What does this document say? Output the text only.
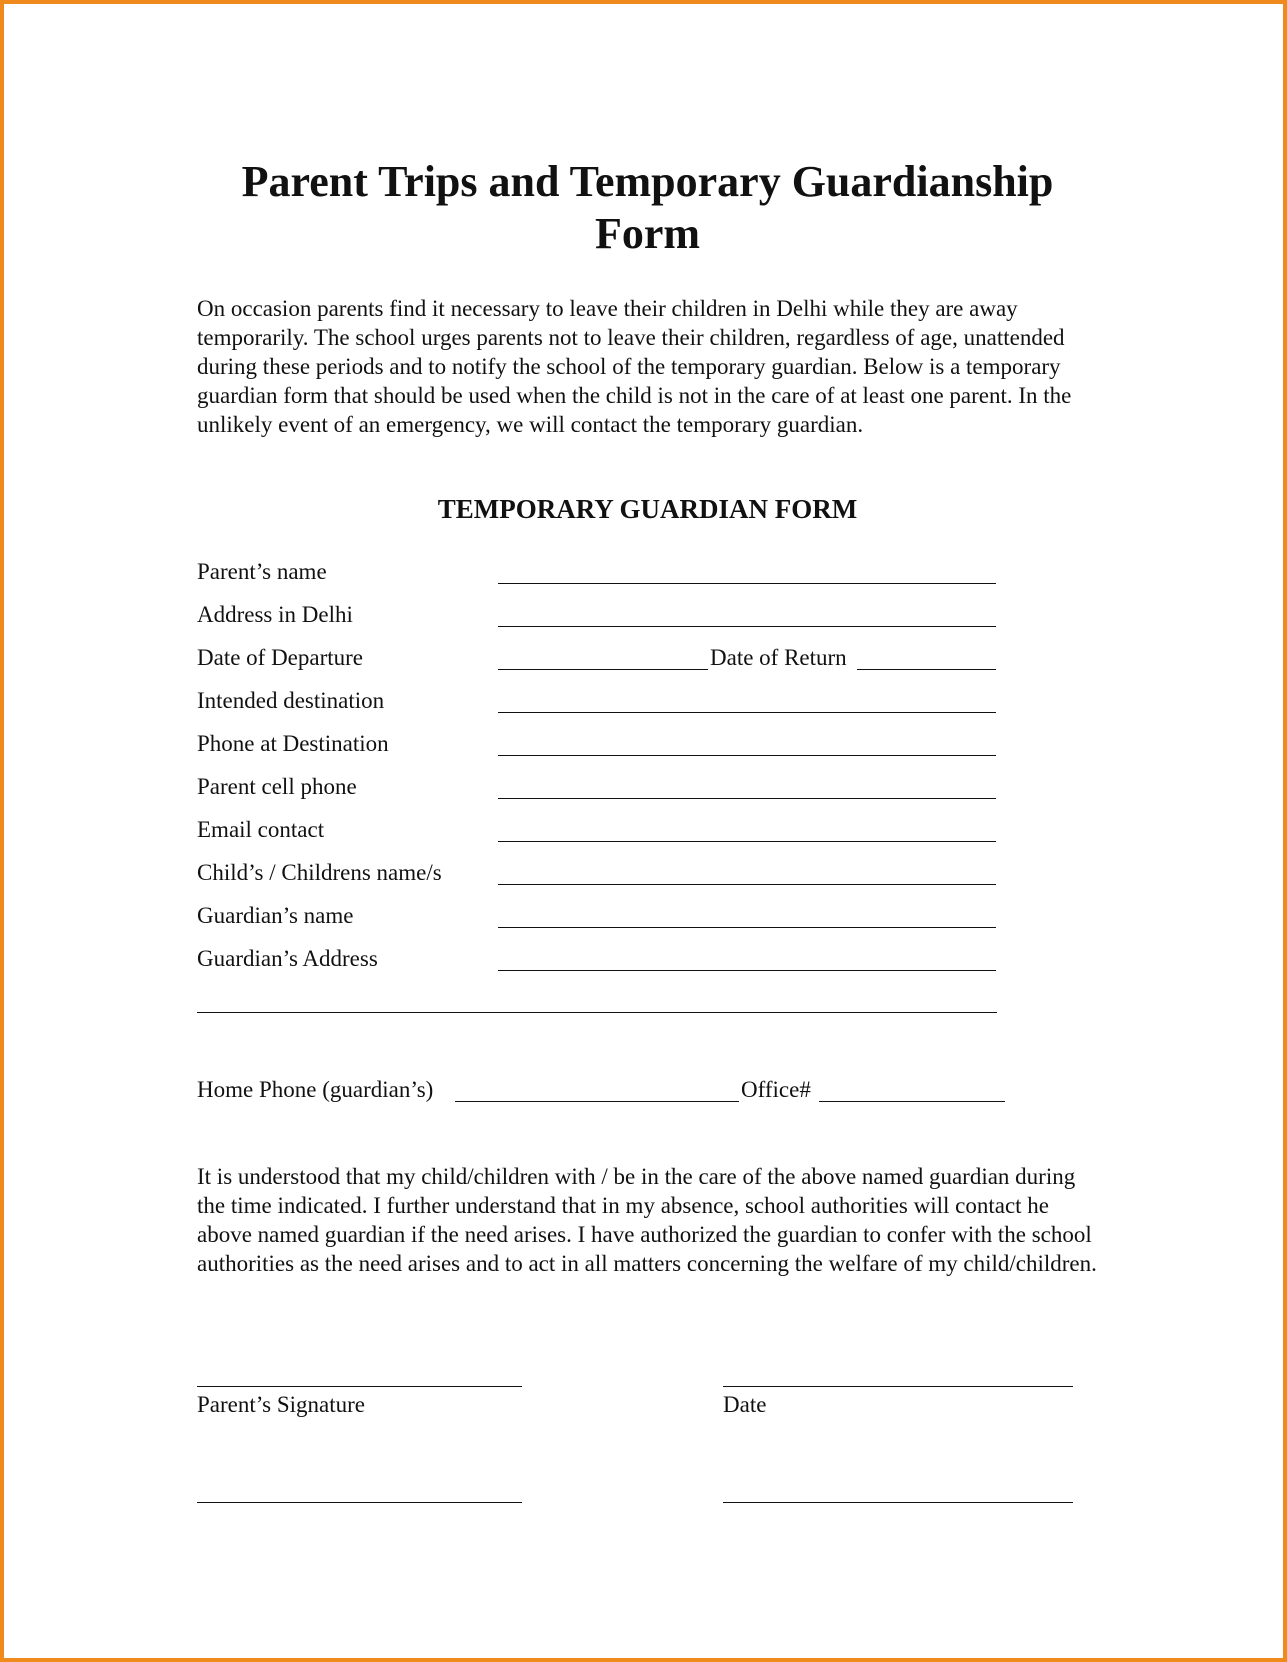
Parent Trips and Temporary Guardianship
Form

On occasion parents find it necessary to leave their children in Delhi while they are away temporarily. The school urges parents not to leave their children, regardless of age, unattended during these periods and to notify the school of the temporary guardian. Below is a temporary guardian form that should be used when the child is not in the care of at least one parent. In the unlikely event of an emergency, we will contact the temporary guardian.

TEMPORARY GUARDIAN FORM
Parent’s name
Address in Delhi
Date of Departure	Date of Return
Intended destination
Phone at Destination
Parent cell phone
Email contact
Child’s / Childrens name/s
Guardian’s name
Guardian’s Address
Home Phone (guardian’s)	Office#

It is understood that my child/children with / be in the care of the above named guardian during the time indicated. I further understand that in my absence, school authorities will contact he above named guardian if the need arises. I have authorized the guardian to confer with the school authorities as the need arises and to act in all matters concerning the welfare of my child/children.

Parent’s Signature	Date
